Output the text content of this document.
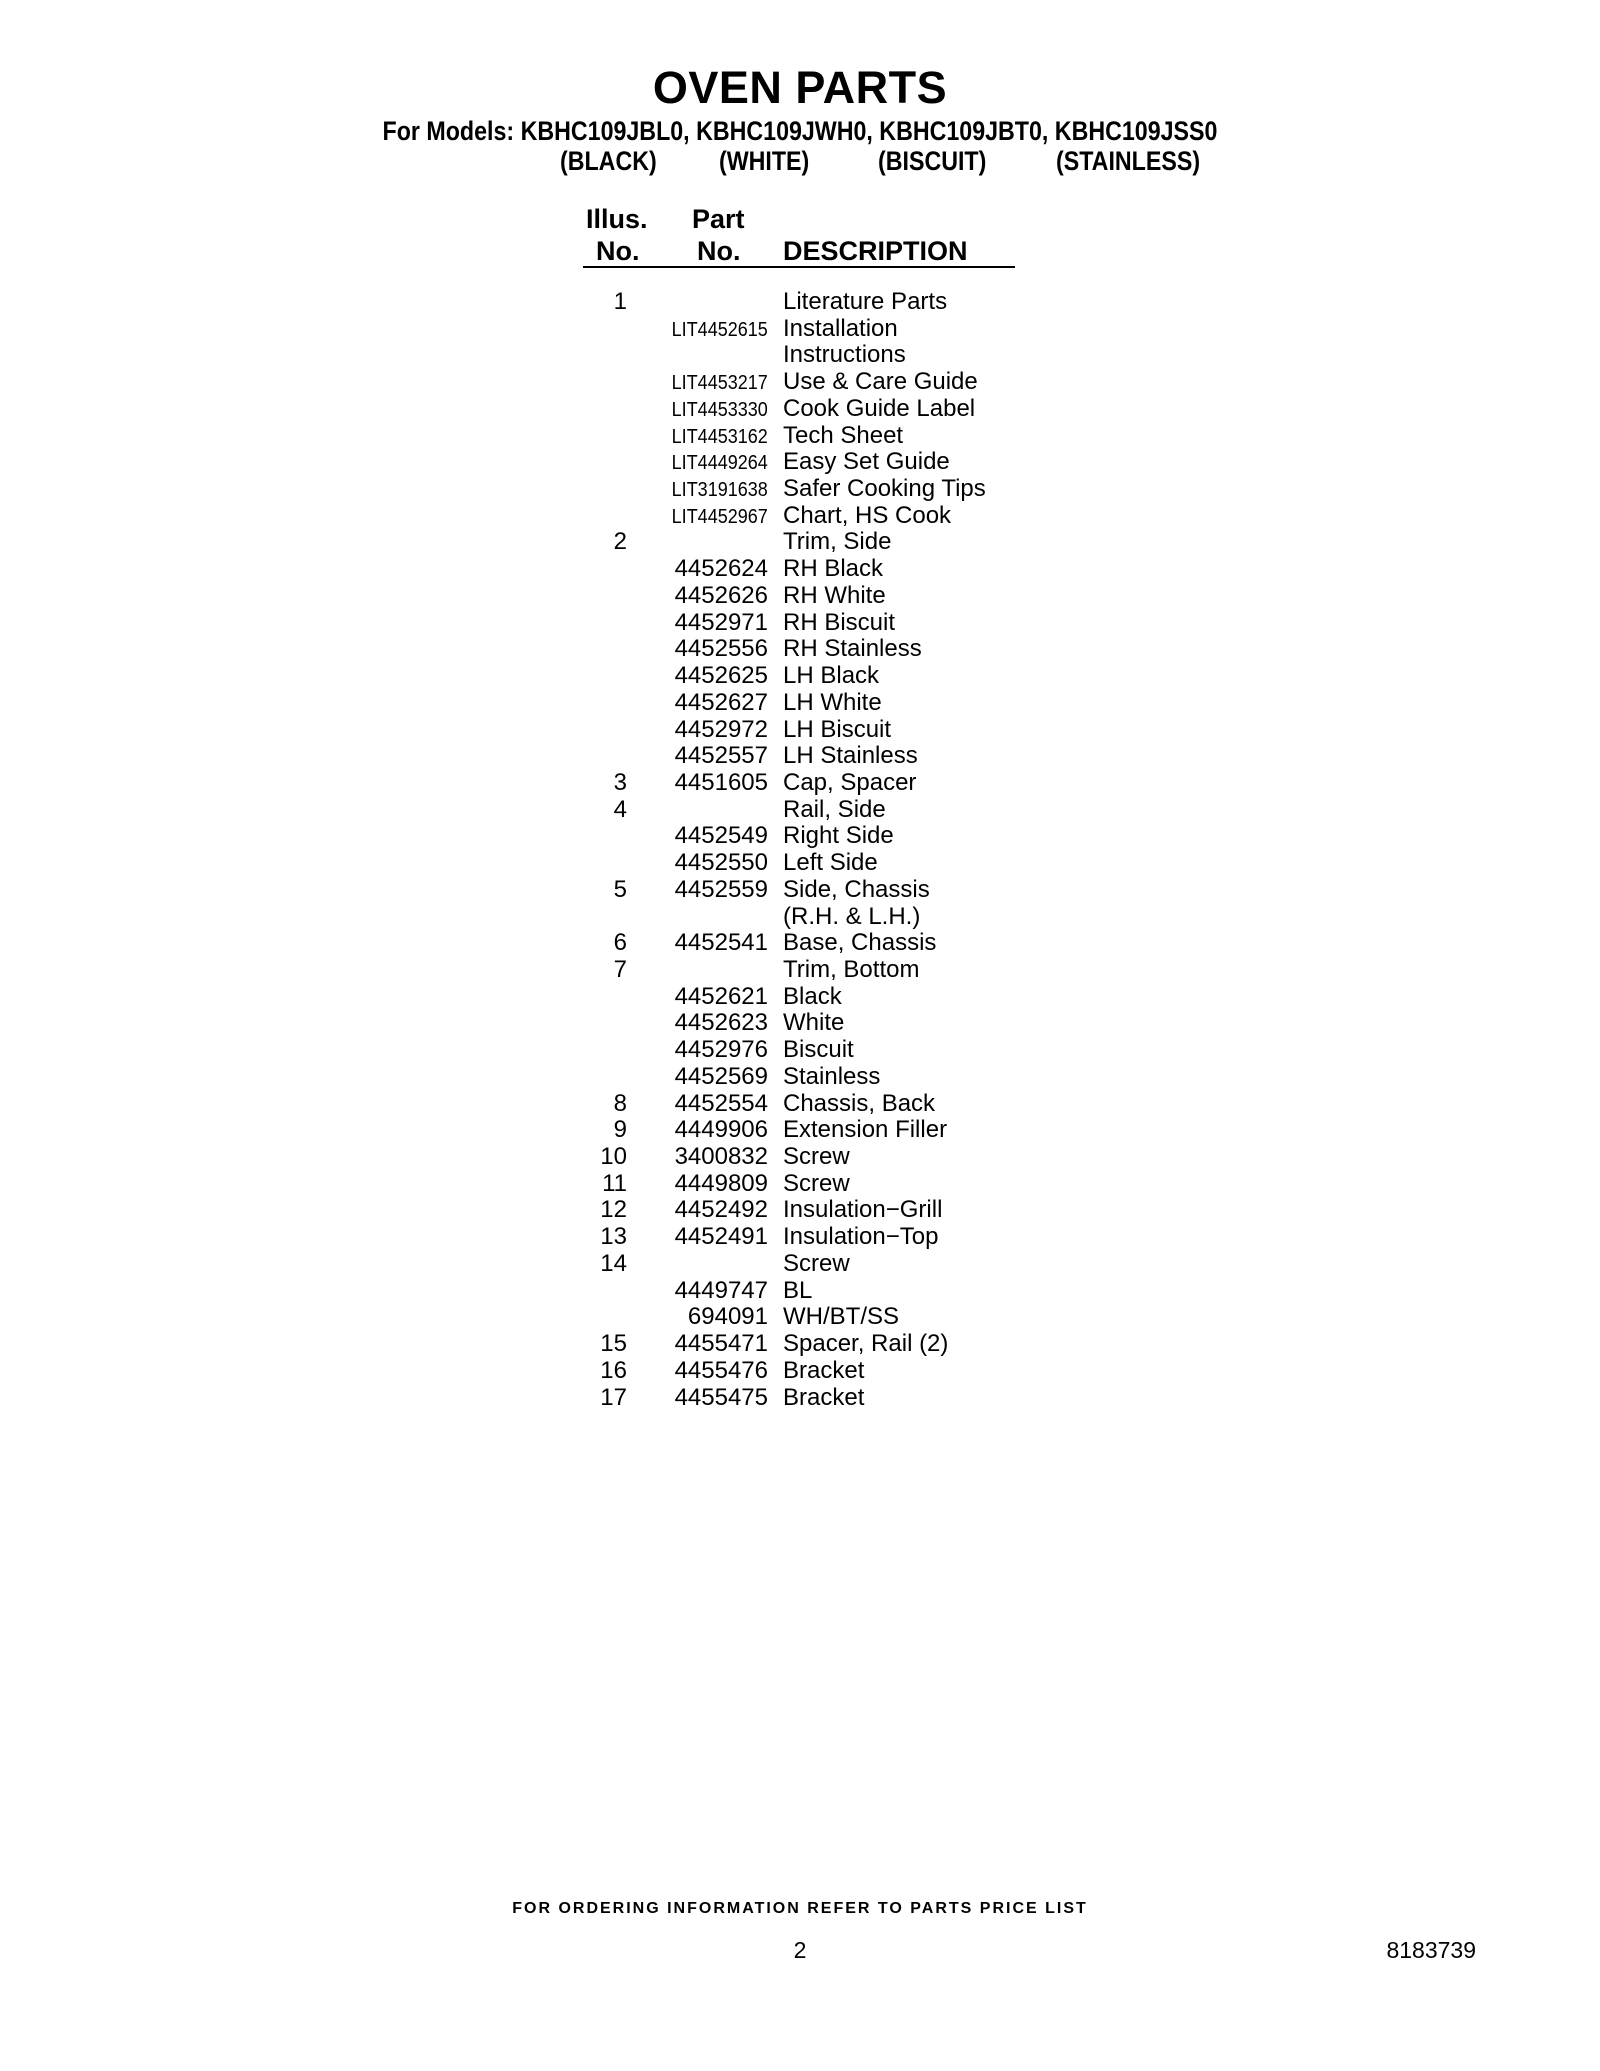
OVEN PARTS
For Models: KBHC109JBL0, KBHC109JWH0, KBHC109JBT0, KBHC109JSS0
(BLACK) (WHITE)	(BISCUIT)	(STAINLESS)
Illus.
No.
Part
No. DESCRIPTION
1	Literature Parts
LIT4452615 Installation
Instructions
LIT4453217 Use & Care Guide
LIT4453330 Cook Guide Label
LIT4453162 Tech Sheet
LIT4449264 Easy Set Guide
LIT3191638 Safer Cooking Tips
LIT4452967 Chart, HS Cook
2	Trim, Side
4452624 RH Black
4452626 RH White
4452971 RH Biscuit
4452556 RH Stainless
4452625 LH Black
4452627 LH White
4452972 LH Biscuit
4452557 LH Stainless
3 4451605 Cap, Spacer
4	Rail, Side
4452549 Right Side
4452550 Left Side
5 4452559 Side, Chassis
(R.H. & L.H.)
6 4452541 Base, Chassis
7	Trim, Bottom
4452621 Black
4452623 White
4452976 Biscuit
4452569 Stainless
8 4452554 Chassis, Back
9 4449906 Extension Filler
10 3400832 Screw
11 4449809 Screw
12 4452492 Insulation−Grill
13 4452491 Insulation−Top
14	Screw
4449747 BL
694091 WH/BT/SS
15 4455471 Spacer, Rail (2)
16 4455476 Bracket
17 4455475 Bracket
FOR ORDERING INFORMATION REFER TO PARTS PRICE LIST
2	8183739
